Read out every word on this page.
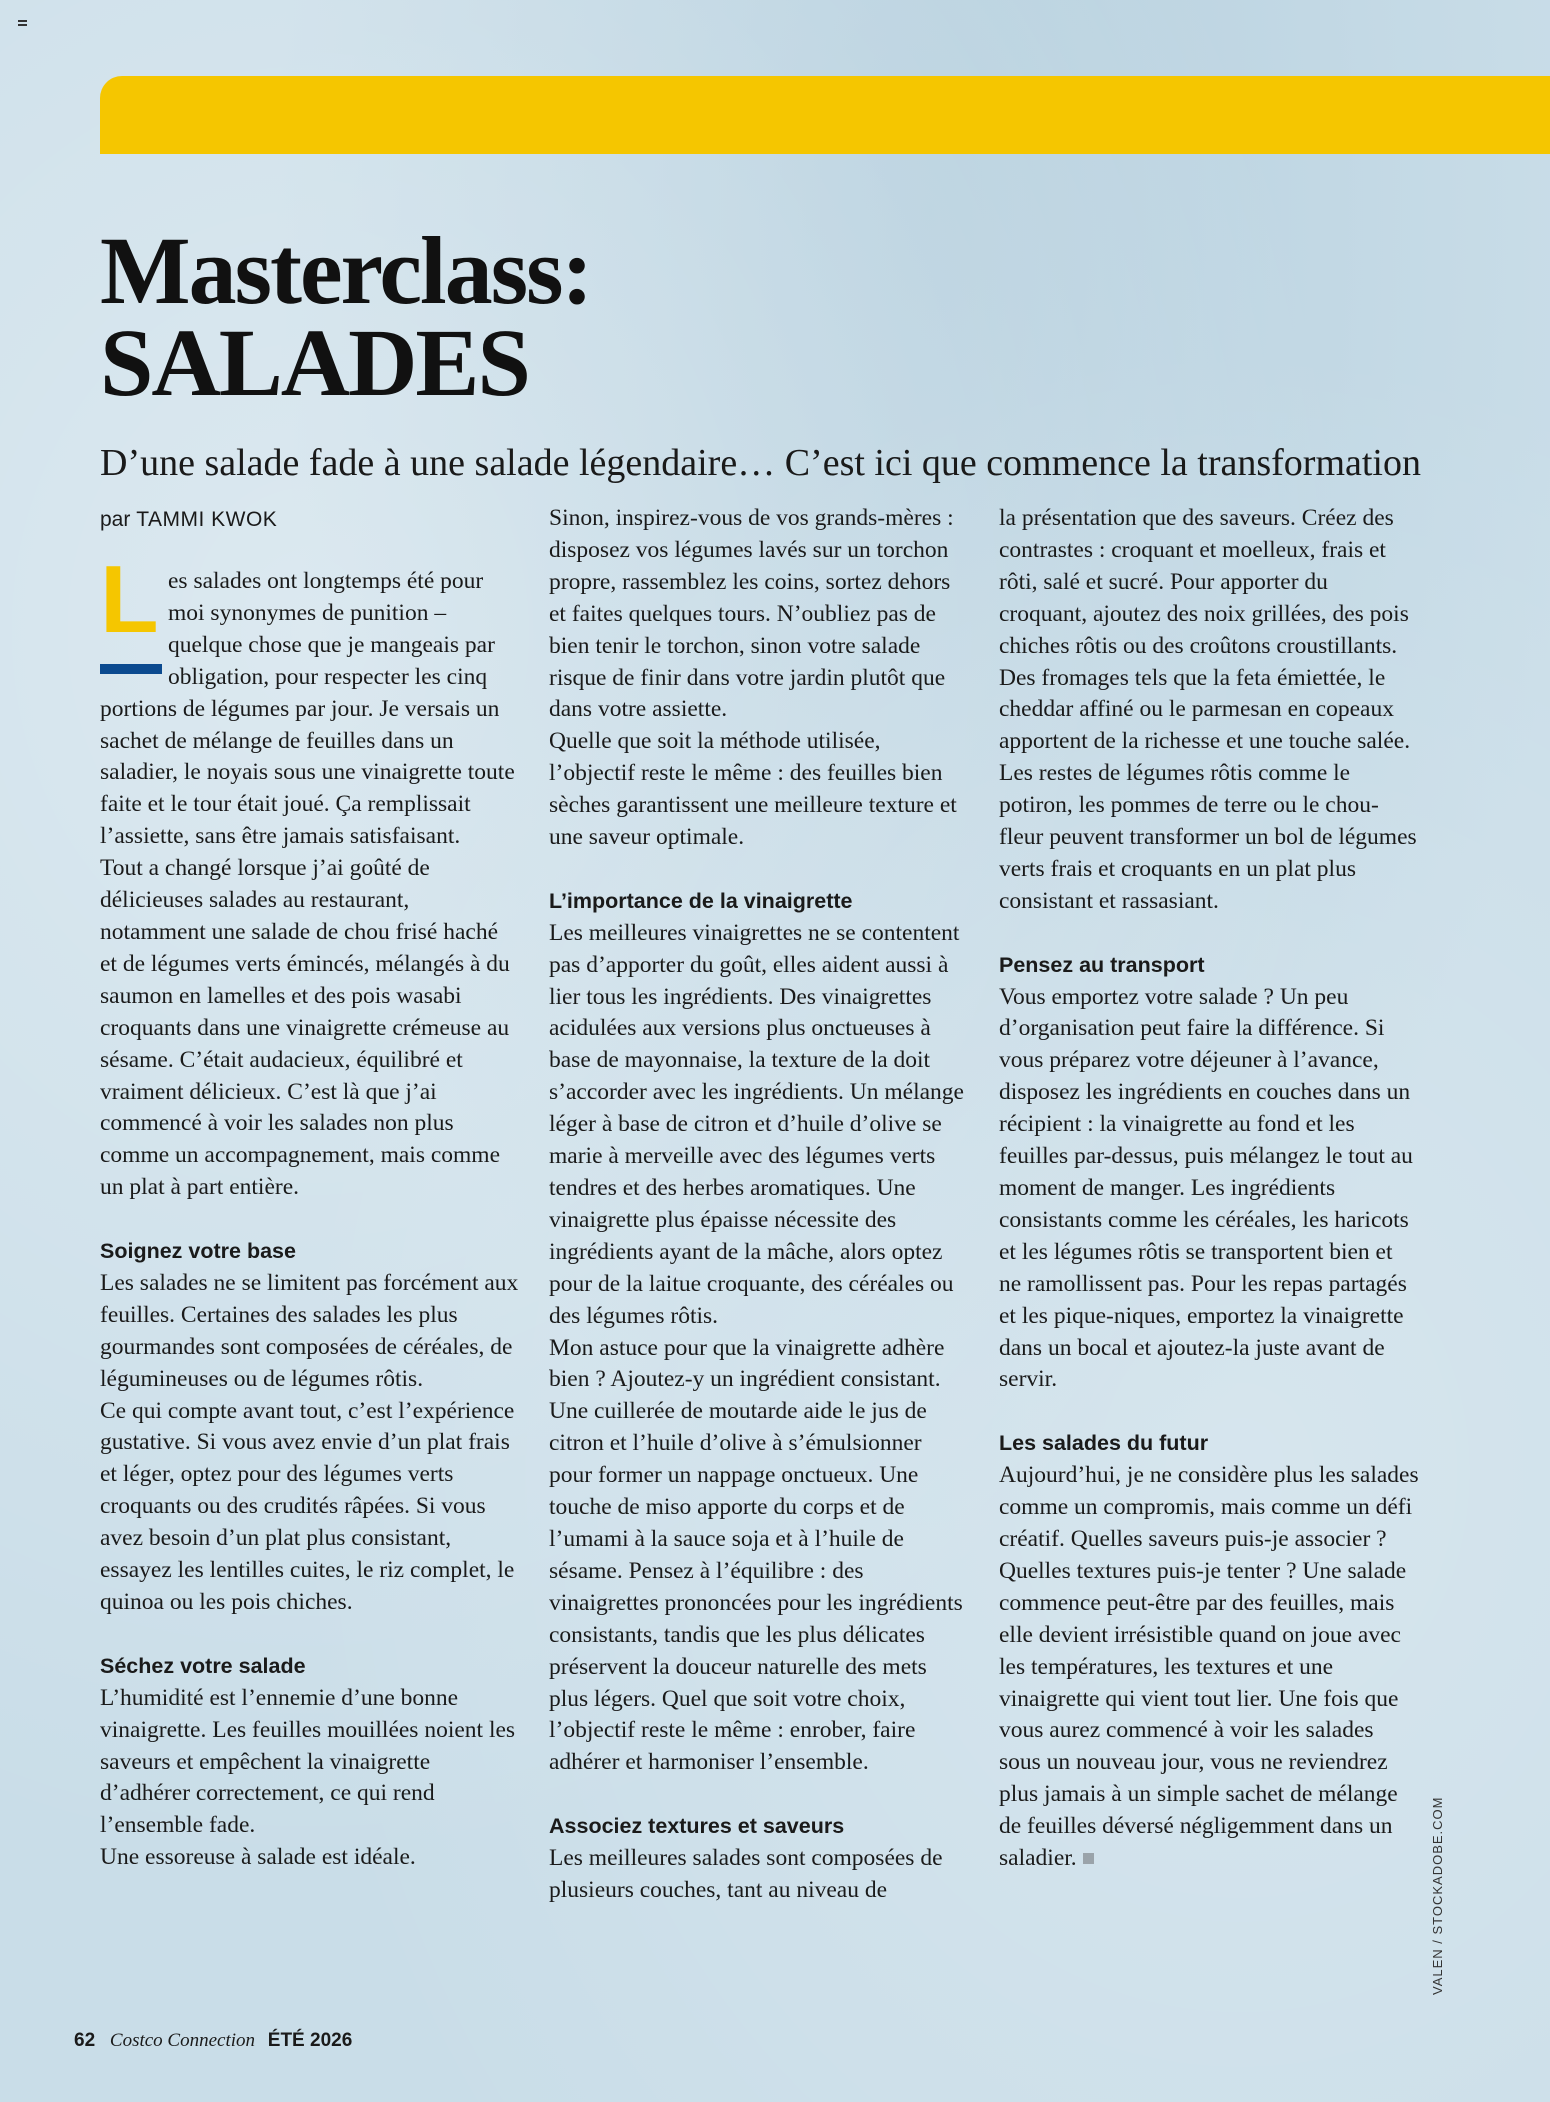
Masterclass:
SALADES

D’une salade fade à une salade légendaire… C’est ici que commence la transformation

par TAMMI KWOK
L es salades ont longtemps été pour moi synonymes de punition – quelque chose que je mangeais par obligation, pour respecter les cinq portions de légumes par jour. Je versais un sachet de mélange de feuilles dans un saladier, le noyais sous une vinaigrette toute faite et le tour était joué. Ça remplissait l’assiette, sans être jamais satisfaisant.

Tout a changé lorsque j’ai goûté de délicieuses salades au restaurant, notamment une salade de chou frisé haché et de légumes verts émincés, mélangés à du saumon en lamelles et des pois wasabi croquants dans une vinaigrette crémeuse au sésame. C’était audacieux, équilibré et vraiment délicieux. C’est là que j’ai commencé à voir les salades non plus comme un accompagnement, mais comme un plat à part entière.

Soignez votre base

Les salades ne se limitent pas forcément aux feuilles. Certaines des salades les plus gourmandes sont composées de céréales, de légumineuses ou de légumes rôtis.

Ce qui compte avant tout, c’est l’expérience gustative. Si vous avez envie d’un plat frais et léger, optez pour des légumes verts croquants ou des crudités râpées. Si vous avez besoin d’un plat plus consistant, essayez les lentilles cuites, le riz complet, le quinoa ou les pois chiches.

Séchez votre salade

L’humidité est l’ennemie d’une bonne vinaigrette. Les feuilles mouillées noient les saveurs et empêchent la vinaigrette d’adhérer correctement, ce qui rend l’ensemble fade.

Une essoreuse à salade est idéale.

Sinon, inspirez-vous de vos grands-mères : disposez vos légumes lavés sur un torchon propre, rassemblez les coins, sortez dehors et faites quelques tours. N’oubliez pas de bien tenir le torchon, sinon votre salade risque de finir dans votre jardin plutôt que dans votre assiette.

Quelle que soit la méthode utilisée, l’objectif reste le même : des feuilles bien sèches garantissent une meilleure texture et une saveur optimale.

L’importance de la vinaigrette

Les meilleures vinaigrettes ne se contentent pas d’apporter du goût, elles aident aussi à lier tous les ingrédients. Des vinaigrettes acidulées aux versions plus onctueuses à base de mayonnaise, la texture de la doit s’accorder avec les ingrédients. Un mélange léger à base de citron et d’huile d’olive se marie à merveille avec des légumes verts tendres et des herbes aromatiques. Une vinaigrette plus épaisse nécessite des ingrédients ayant de la mâche, alors optez pour de la laitue croquante, des céréales ou des légumes rôtis.

Mon astuce pour que la vinaigrette adhère bien ? Ajoutez-y un ingrédient consistant. Une cuillerée de moutarde aide le jus de citron et l’huile d’olive à s’émulsionner pour former un nappage onctueux. Une touche de miso apporte du corps et de l’umami à la sauce soja et à l’huile de sésame. Pensez à l’équilibre : des vinaigrettes prononcées pour les ingrédients consistants, tandis que les plus délicates préservent la douceur naturelle des mets plus légers. Quel que soit votre choix, l’objectif reste le même : enrober, faire adhérer et harmoniser l’ensemble.

Associez textures et saveurs

Les meilleures salades sont composées de plusieurs couches, tant au niveau de

la présentation que des saveurs. Créez des contrastes : croquant et moelleux, frais et rôti, salé et sucré. Pour apporter du croquant, ajoutez des noix grillées, des pois chiches rôtis ou des croûtons croustillants. Des fromages tels que la feta émiettée, le cheddar affiné ou le parmesan en copeaux apportent de la richesse et une touche salée. Les restes de légumes rôtis comme le potiron, les pommes de terre ou le chou-fleur peuvent transformer un bol de légumes verts frais et croquants en un plat plus consistant et rassasiant.

Pensez au transport

Vous emportez votre salade ? Un peu d’organisation peut faire la différence. Si vous préparez votre déjeuner à l’avance, disposez les ingrédients en couches dans un récipient : la vinaigrette au fond et les feuilles par-dessus, puis mélangez le tout au moment de manger. Les ingrédients consistants comme les céréales, les haricots et les légumes rôtis se transportent bien et ne ramollissent pas. Pour les repas partagés et les pique-niques, emportez la vinaigrette dans un bocal et ajoutez-la juste avant de servir.

Les salades du futur

Aujourd’hui, je ne considère plus les salades comme un compromis, mais comme un défi créatif. Quelles saveurs puis-je associer ? Quelles textures puis-je tenter ? Une salade commence peut-être par des feuilles, mais elle devient irrésistible quand on joue avec les températures, les textures et une vinaigrette qui vient tout lier. Une fois que vous aurez commencé à voir les salades sous un nouveau jour, vous ne reviendrez plus jamais à un simple sachet de mélange de feuilles déversé négligemment dans un saladier.	VALEN / STOCKADOBE.COM
62 Costco Connection ÉTÉ 2026
